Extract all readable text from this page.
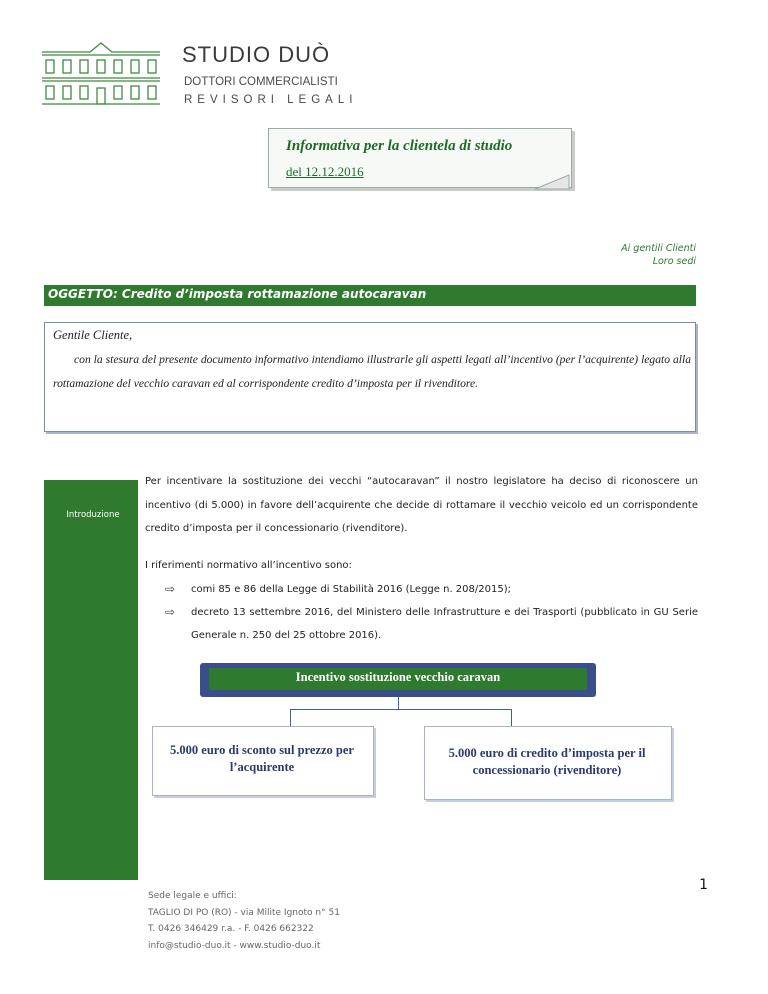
STUDIO DUÒ
DOTTORI COMMERCIALISTI
REVISORI LEGALI
Informativa per la clientela di studio
del 12.12.2016
Ai gentili Clienti
Loro sedi
OGGETTO: Credito d’imposta rottamazione autocaravan
Gentile Cliente,
con la stesura del presente documento informativo intendiamo illustrarle gli aspetti legati all’incentivo (per l’acquirente) legato alla rottamazione del vecchio caravan ed al corrispondente credito d’imposta per il rivenditore.
Introduzione
Per incentivare la sostituzione dei vecchi “autocaravan” il nostro legislatore ha deciso di riconoscere un incentivo (di 5.000) in favore dell’acquirente che decide di rottamare il vecchio veicolo ed un corrispondente credito d’imposta per il concessionario (rivenditore).
I riferimenti normativo all’incentivo sono:
⇨	comi 85 e 86 della Legge di Stabilità 2016 (Legge n. 208/2015);
⇨	decreto 13 settembre 2016, del Ministero delle Infrastrutture e dei Trasporti (pubblicato in GU Serie Generale n. 250 del 25 ottobre 2016).
Incentivo sostituzione vecchio caravan
5.000 euro di sconto sul prezzo per l’acquirente
5.000 euro di credito d’imposta per il concessionario (rivenditore)
1
Sede legale e uffici:
TAGLIO DI PO (RO) - via Milite Ignoto n° 51
T. 0426 346429 r.a. - F. 0426 662322
info@studio-duo.it - www.studio-duo.it
